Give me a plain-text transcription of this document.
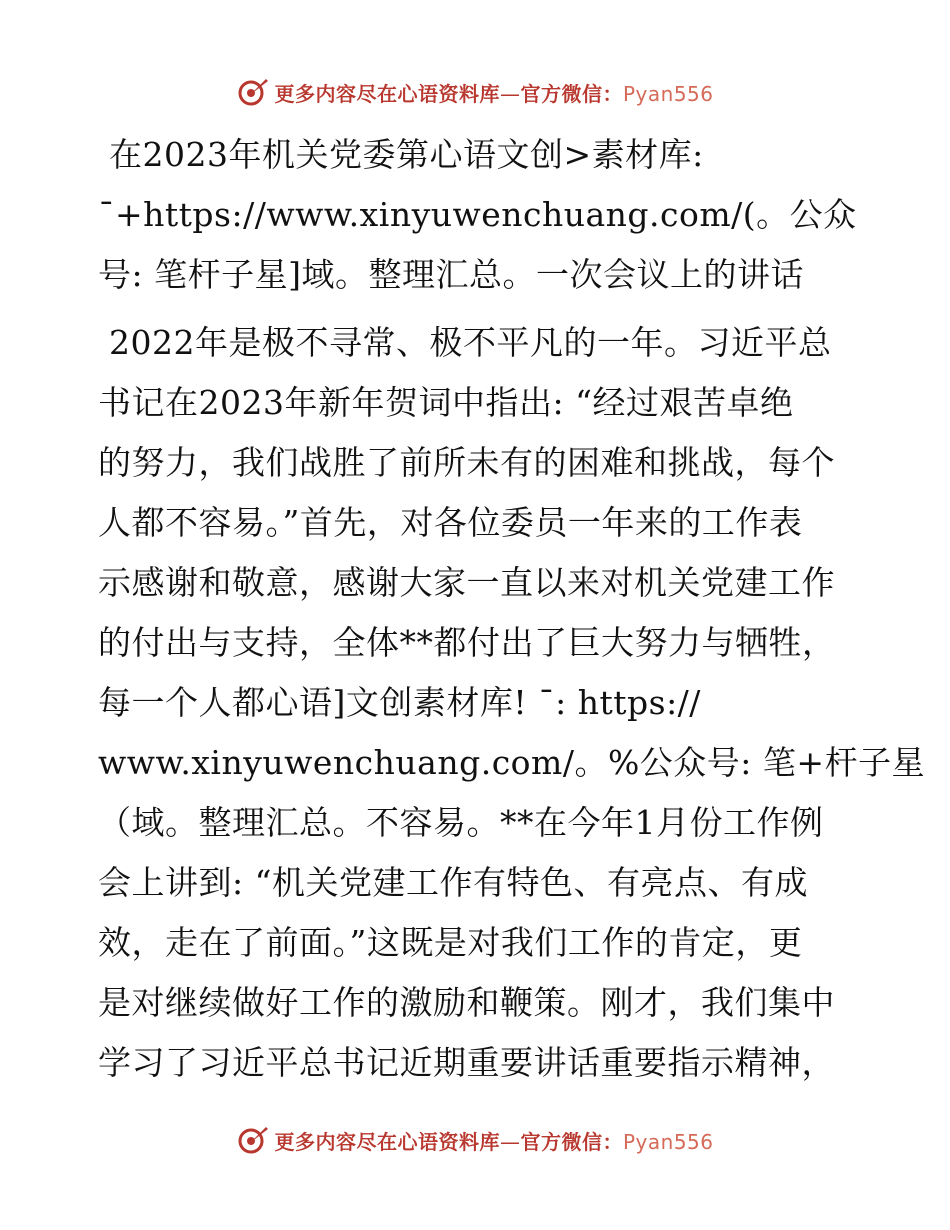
更多内容尽在心语资料库—官方微信：Pyan556
在2023年机关党委第心语文创>素材库:
¯+https://www.xinyuwenchuang.com/(。公众
号: 笔杆子星]域。整理汇总。一次会议上的讲话
2022年是极不寻常、极不平凡的一年。习近平总
书记在2023年新年贺词中指出: “经过艰苦卓绝
的努力，我们战胜了前所未有的困难和挑战，每个
人都不容易。”首先，对各位委员一年来的工作表
示感谢和敬意，感谢大家一直以来对机关党建工作
的付出与支持，全体**都付出了巨大努力与牺牲，
每一个人都心语]文创素材库! ¯: https://
www.xinyuwenchuang.com/。%公众号: 笔+杆子星
（域。整理汇总。不容易。**在今年1月份工作例
会上讲到: “机关党建工作有特色、有亮点、有成
效，走在了前面。”这既是对我们工作的肯定，更
是对继续做好工作的激励和鞭策。刚才，我们集中
学习了习近平总书记近期重要讲话重要指示精神，
更多内容尽在心语资料库—官方微信：Pyan556
